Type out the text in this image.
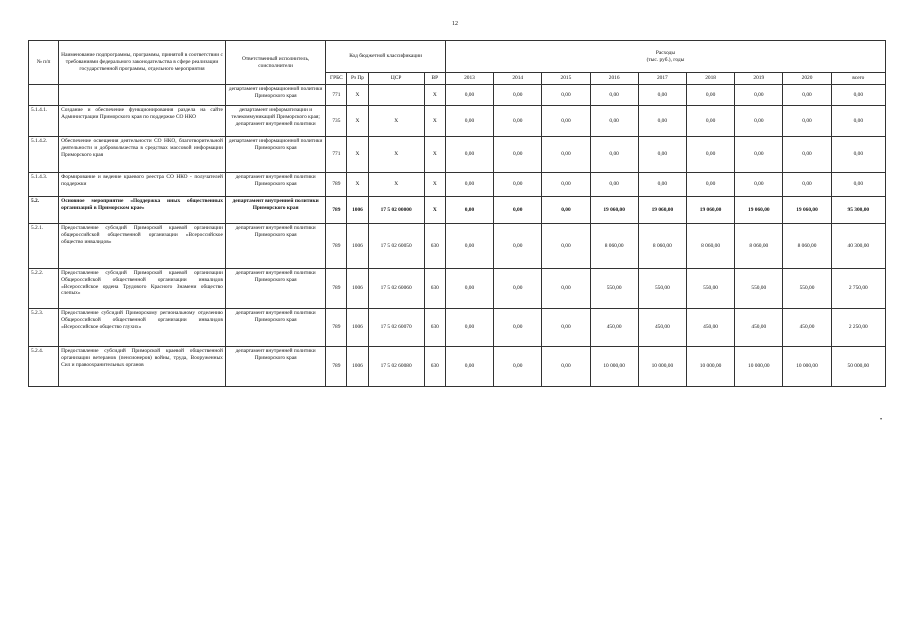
12
№ п/п	Наименование подпрограммы, программы, принятой в соответствии с требованиями федерального законодательства в сфере реализации государственной программы, отдельного мероприятия	Ответственный исполнитель, соисполнители	Код бюджетной классификации				Расходы
(тыс. руб.), годы								

			ГРБС	Рз Пр	ЦСР	ВР	2013	2014	2015	2016	2017	2018	2019	2020	всего
		департамент информационной политики Приморского края	771	X		X	0,00	0,00	0,00	0,00	0,00	0,00	0,00	0,00	0,00
5.1.4.1.	Создание и обеспечение функционирования раздела на сайте Администрации Приморского края по поддержке СО НКО	департамент информатизации и телекоммуникаций Приморского края; департамент внутренней политики	735	X	X	X	0,00	0,00	0,00	0,00	0,00	0,00	0,00	0,00	0,00
5.1.4.2.	Обеспечение освещения деятельности СО НКО, благотворительной деятельности и добровольчества в средствах массовой информации Приморского края	департамент информационной политики Приморского края	771	X	X	X	0,00	0,00	0,00	0,00	0,00	0,00	0,00	0,00	0,00
5.1.4.3.	Формирование и ведение краевого реестра СО НКО - получателей поддержки	департамент внутренней политики Приморского края	789	X	X	X	0,00	0,00	0,00	0,00	0,00	0,00	0,00	0,00	0,00
5.2.	Основное мероприятие «Поддержка иных общественных организаций в Приморском крае»	департамент внутренней политики Приморского края	789	1006	17 5 02 00000	X	0,00	0,00	0,00	19 060,00	19 060,00	19 060,00	19 060,00	19 060,00	95 300,00
5.2.1.	Предоставление субсидий Приморской краевой организации общероссийской общественной организации «Всероссийское общество инвалидов»	департамент внутренней политики Приморского края	789	1006	17 5 02 60050	630	0,00	0,00	0,00	8 060,00	8 060,00	8 060,00	8 060,00	8 060,00	40 300,00
5.2.2.	Предоставление субсидий Приморской краевой организации Общероссийской общественной организации инвалидов «Всероссийское ордена Трудового Красного Знамени общество слепых»	департамент внутренней политики Приморского края	789	1006	17 5 02 60060	630	0,00	0,00	0,00	550,00	550,00	550,00	550,00	550,00	2 750,00
5.2.3.	Предоставление субсидий Приморскому региональному отделению Общероссийской общественной организации инвалидов «Всероссийское общество глухих»	департамент внутренней политики Приморского края	789	1006	17 5 02 60070	630	0,00	0,00	0,00	450,00	450,00	450,00	450,00	450,00	2 250,00
5.2.4.	Предоставление субсидий Приморской краевой общественной организации ветеранов (пенсионеров) войны, труда, Вооруженных Сил и правоохранительных органов	департамент внутренней политики Приморского края	789	1006	17 5 02 60080	630	0,00	0,00	0,00	10 000,00	10 000,00	10 000,00	10 000,00	10 000,00	50 000,00
•
